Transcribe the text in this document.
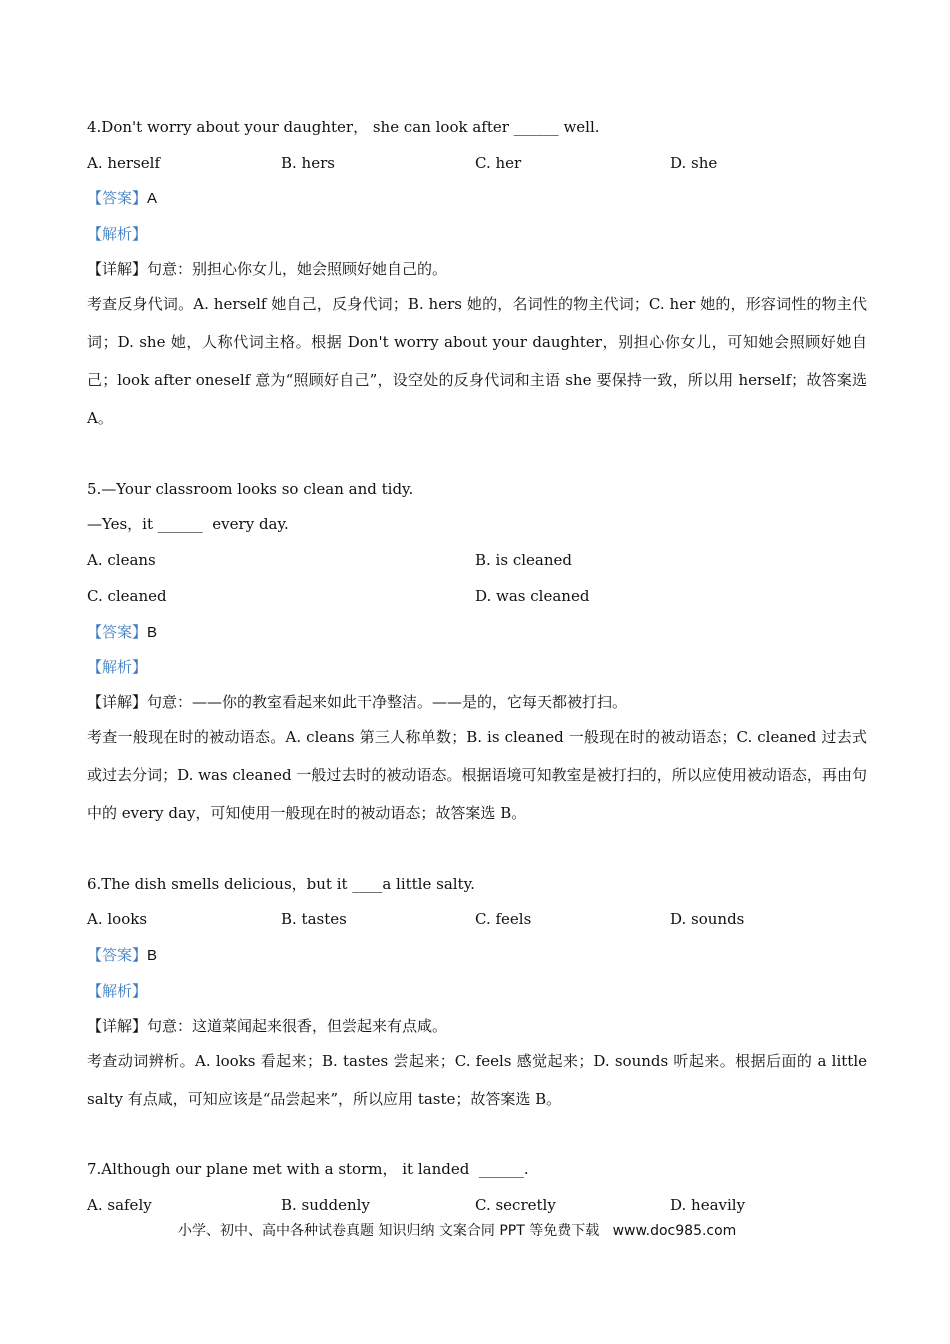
4.Don't worry about your daughter， she can look after ______ well.
A. herself	B. hers	C. her	D. she
【答案】A
【解析】
【详解】句意：别担心你女儿，她会照顾好她自己的。
考查反身代词。A. herself 她自己，反身代词；B. hers 她的，名词性的物主代词；C. her 她的，形容词性的物主代词；D. she 她，人称代词主格。根据 Don't worry about your daughter，别担心你女儿，可知她会照顾好她自己；look after oneself 意为“照顾好自己”，设空处的反身代词和主语 she 要保持一致，所以用 herself；故答案选 A。
5.—Your classroom looks so clean and tidy.
—Yes，it ______  every day.
A. cleans	B. is cleaned
C. cleaned	D. was cleaned
【答案】B
【解析】
【详解】句意：——你的教室看起来如此干净整洁。——是的，它每天都被打扫。
考查一般现在时的被动语态。A. cleans 第三人称单数；B. is cleaned 一般现在时的被动语态；C. cleaned 过去式或过去分词；D. was cleaned 一般过去时的被动语态。根据语境可知教室是被打扫的，所以应使用被动语态，再由句中的 every day，可知使用一般现在时的被动语态；故答案选 B。
6.The dish smells delicious，but it ____a little salty.
A. looks	B. tastes	C. feels	D. sounds
【答案】B
【解析】
【详解】句意：这道菜闻起来很香，但尝起来有点咸。
考查动词辨析。A. looks 看起来；B. tastes 尝起来；C. feels 感觉起来；D. sounds 听起来。根据后面的 a little salty 有点咸，可知应该是“品尝起来”，所以应用 taste；故答案选 B。
7.Although our plane met with a storm， it landed  ______.
A. safely	B. suddenly	C. secretly	D. heavily
小学、初中、高中各种试卷真题 知识归纳 文案合同 PPT 等免费下载   www.doc985.com
